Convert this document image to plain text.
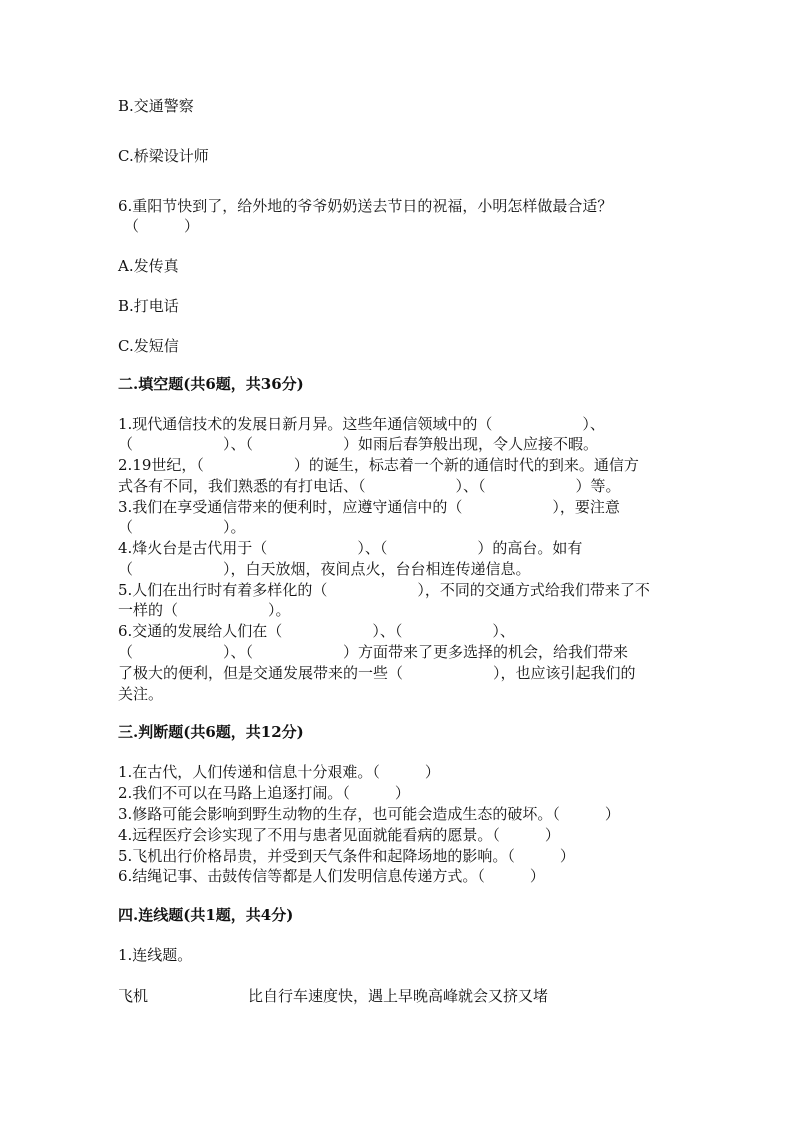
B.交通警察

C.桥梁设计师

6.重阳节快到了，给外地的爷爷奶奶送去节日的祝福，小明怎样做最合适？

（　　　）

A.发传真

B.打电话

C.发短信

二.填空题(共6题，共36分)

1.现代通信技术的发展日新月异。这些年通信领域中的（　　　　　　）、

（　　　　　　）、（　　　　　　）如雨后春笋般出现，令人应接不暇。

2.19世纪，（　　　　　　）的诞生，标志着一个新的通信时代的到来。通信方

式各有不同，我们熟悉的有打电话、（　　　　　　）、（　　　　　　）等。

3.我们在享受通信带来的便利时，应遵守通信中的（　　　　　　），要注意

（　　　　　　）。

4.烽火台是古代用于（　　　　　　）、（　　　　　　）的高台。如有

（　　　　　　），白天放烟，夜间点火，台台相连传递信息。

5.人们在出行时有着多样化的（　　　　　　），不同的交通方式给我们带来了不

一样的（　　　　　　）。

6.交通的发展给人们在（　　　　　　）、（　　　　　　）、

（　　　　　　）、（　　　　　　）方面带来了更多选择的机会，给我们带来

了极大的便利，但是交通发展带来的一些（　　　　　　），也应该引起我们的

关注。

三.判断题(共6题，共12分)

1.在古代，人们传递和信息十分艰难。（　　　）

2.我们不可以在马路上追逐打闹。（　　　）

3.修路可能会影响到野生动物的生存，也可能会造成生态的破坏。（　　　）

4.远程医疗会诊实现了不用与患者见面就能看病的愿景。（　　　）

5.飞机出行价格昂贵，并受到天气条件和起降场地的影响。（　　　）

6.结绳记事、击鼓传信等都是人们发明信息传递方式。（　　　）

四.连线题(共1题，共4分)

1.连线题。

飞机	比自行车速度快，遇上早晚高峰就会又挤又堵
